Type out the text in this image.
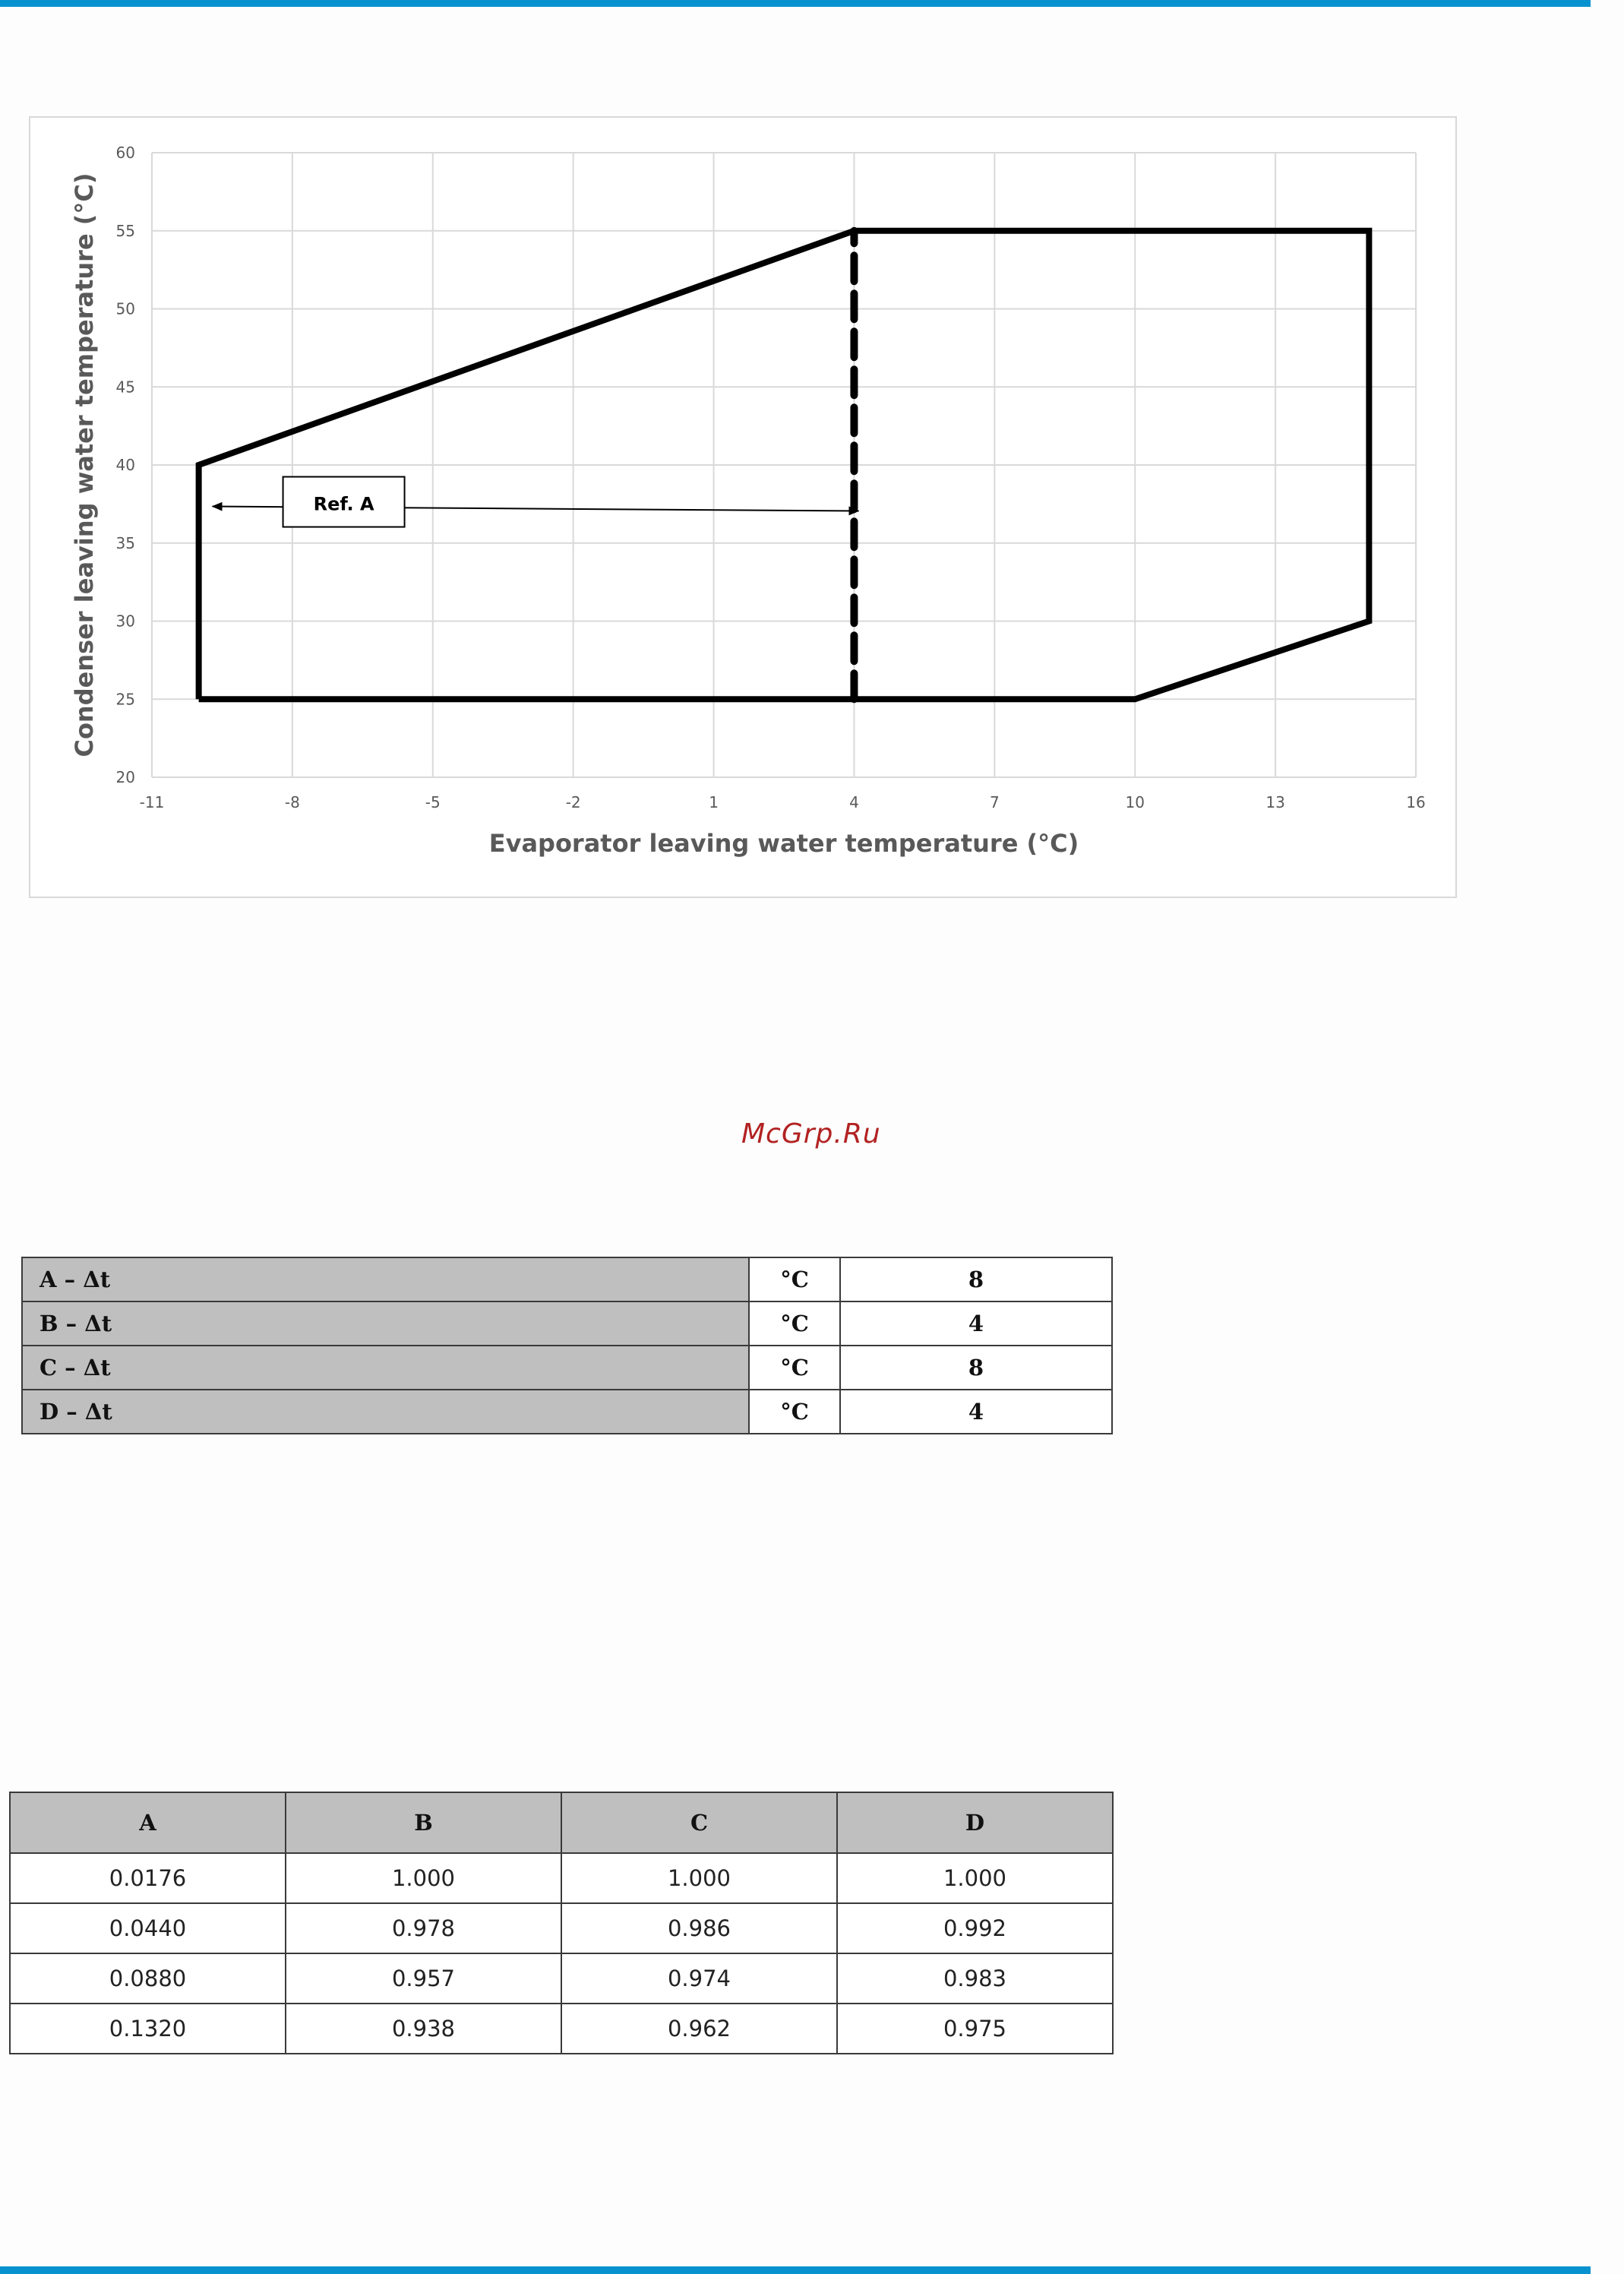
-11	-8	-5	-2	1	4	7	10	13	16
20
25
30
35
40
45
50
55
60
Evaporator leaving water temperature (°C)
Condenser leaving water temperature (°C)	Ref. A
McGrp.Ru
A – Δt	°C	8
B – Δt	°C	4
C – Δt	°C	8
D – Δt	°C	4
A	B	C	D
0.0176	1.000	1.000	1.000
0.0440	0.978	0.986	0.992
0.0880	0.957	0.974	0.983
0.1320	0.938	0.962	0.975
